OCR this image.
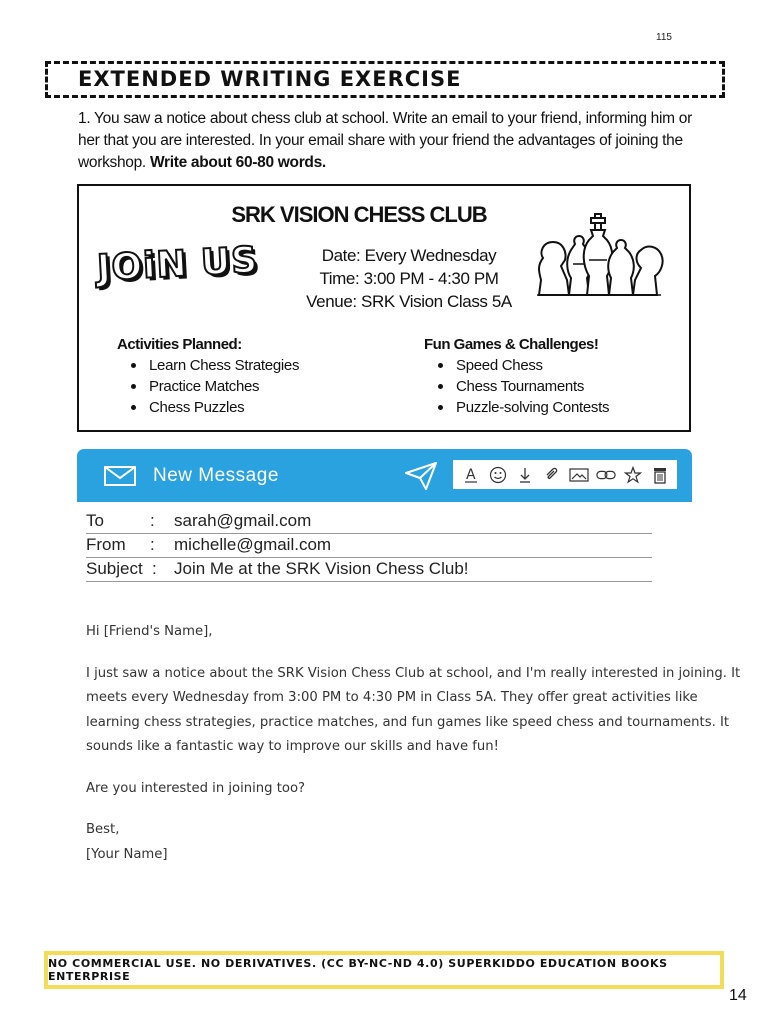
115
EXTENDED WRITING EXERCISE
1. You saw a notice about chess club at school. Write an email to your friend, informing him or her that you are interested. In your email share with your friend the advantages of joining the workshop. Write about 60-80 words.
SRK VISION CHESS CLUB
JOiN US	Date: Every Wednesday
Time: 3:00 PM - 4:30 PM
Venue: SRK Vision Class 5A
Activities Planned:
Learn Chess Strategies
Practice Matches
Chess Puzzles
Fun Games & Challenges!
Speed Chess
Chess Tournaments
Puzzle-solving Contests
New Message	A
To	: sarah@gmail.com
From : michelle@gmail.com
Subject : Join Me at the SRK Vision Chess Club!

Hi [Friend's Name],

I just saw a notice about the SRK Vision Chess Club at school, and I'm really interested in joining. It meets every Wednesday from 3:00 PM to 4:30 PM in Class 5A. They offer great activities like learning chess strategies, practice matches, and fun games like speed chess and tournaments. It sounds like a fantastic way to improve our skills and have fun!

Are you interested in joining too?

Best,
[Your Name]
NO COMMERCIAL USE. NO DERIVATIVES. (CC BY-NC-ND 4.0) SUPERKIDDO EDUCATION BOOKS ENTERPRISE
14
